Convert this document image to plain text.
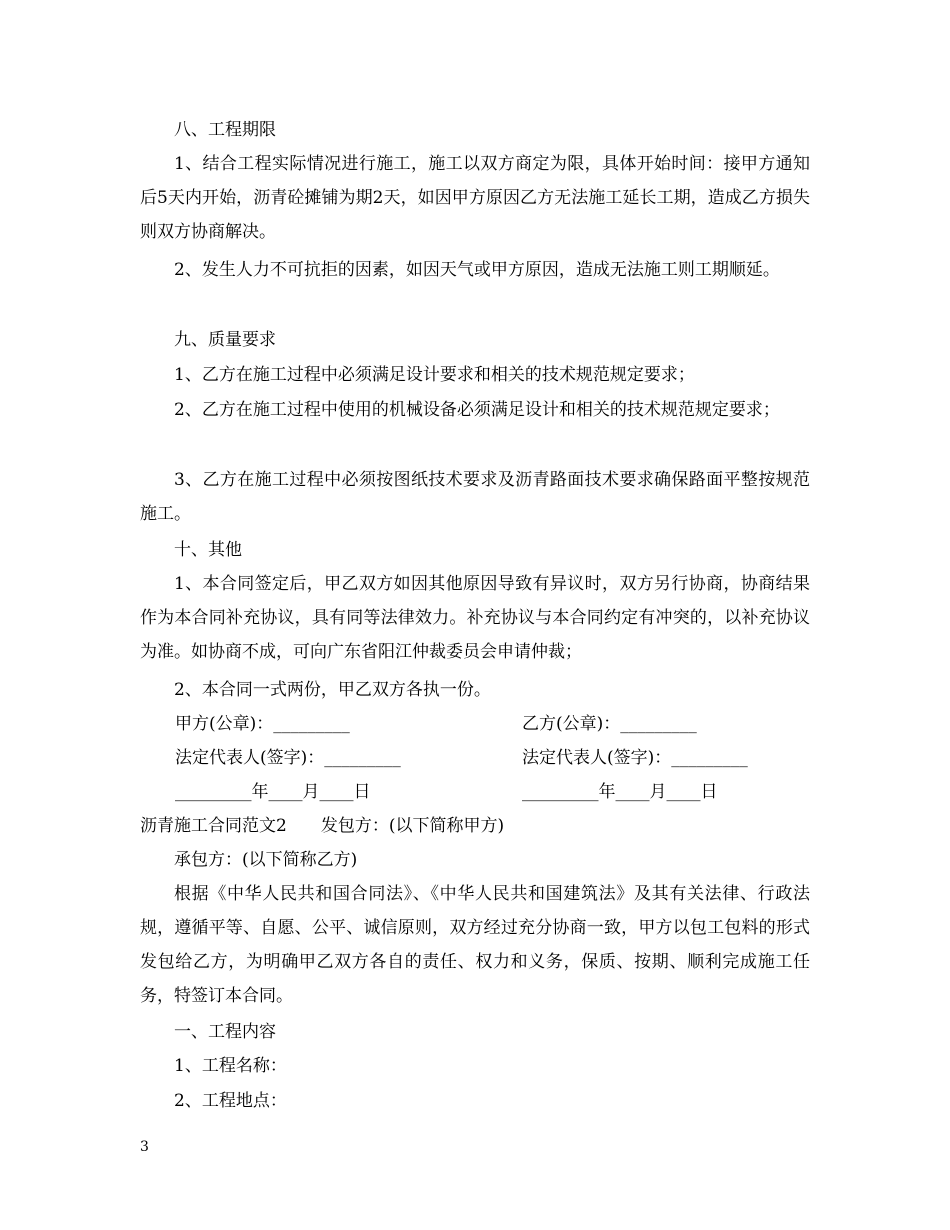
八、工程期限
1、结合工程实际情况进行施工，施工以双方商定为限，具体开始时间：接甲方通知后5天内开始，沥青砼摊铺为期2天，如因甲方原因乙方无法施工延长工期，造成乙方损失则双方协商解决。
2、发生人力不可抗拒的因素，如因天气或甲方原因，造成无法施工则工期顺延。
九、质量要求
1、乙方在施工过程中必须满足设计要求和相关的技术规范规定要求；
2、乙方在施工过程中使用的机械设备必须满足设计和相关的技术规范规定要求；
3、乙方在施工过程中必须按图纸技术要求及沥青路面技术要求确保路面平整按规范施工。
十、其他
1、本合同签定后，甲乙双方如因其他原因导致有异议时，双方另行协商，协商结果作为本合同补充协议，具有同等法律效力。补充协议与本合同约定有冲突的，以补充协议为准。如协商不成，可向广东省阳江仲裁委员会申请仲裁；
2、本合同一式两份，甲乙双方各执一份。
甲方(公章)：_________	乙方(公章)：_________
法定代表人(签字)：_________	法定代表人(签字)：_________
_________年____月____日	_________年____月____日
沥青施工合同范文2　　发包方：(以下简称甲方)
承包方：(以下简称乙方)
根据《中华人民共和国合同法》、《中华人民共和国建筑法》及其有关法律、行政法规，遵循平等、自愿、公平、诚信原则，双方经过充分协商一致，甲方以包工包料的形式发包给乙方，为明确甲乙双方各自的责任、权力和义务，保质、按期、顺利完成施工任务，特签订本合同。
一、工程内容
1、工程名称：
2、工程地点：
3
